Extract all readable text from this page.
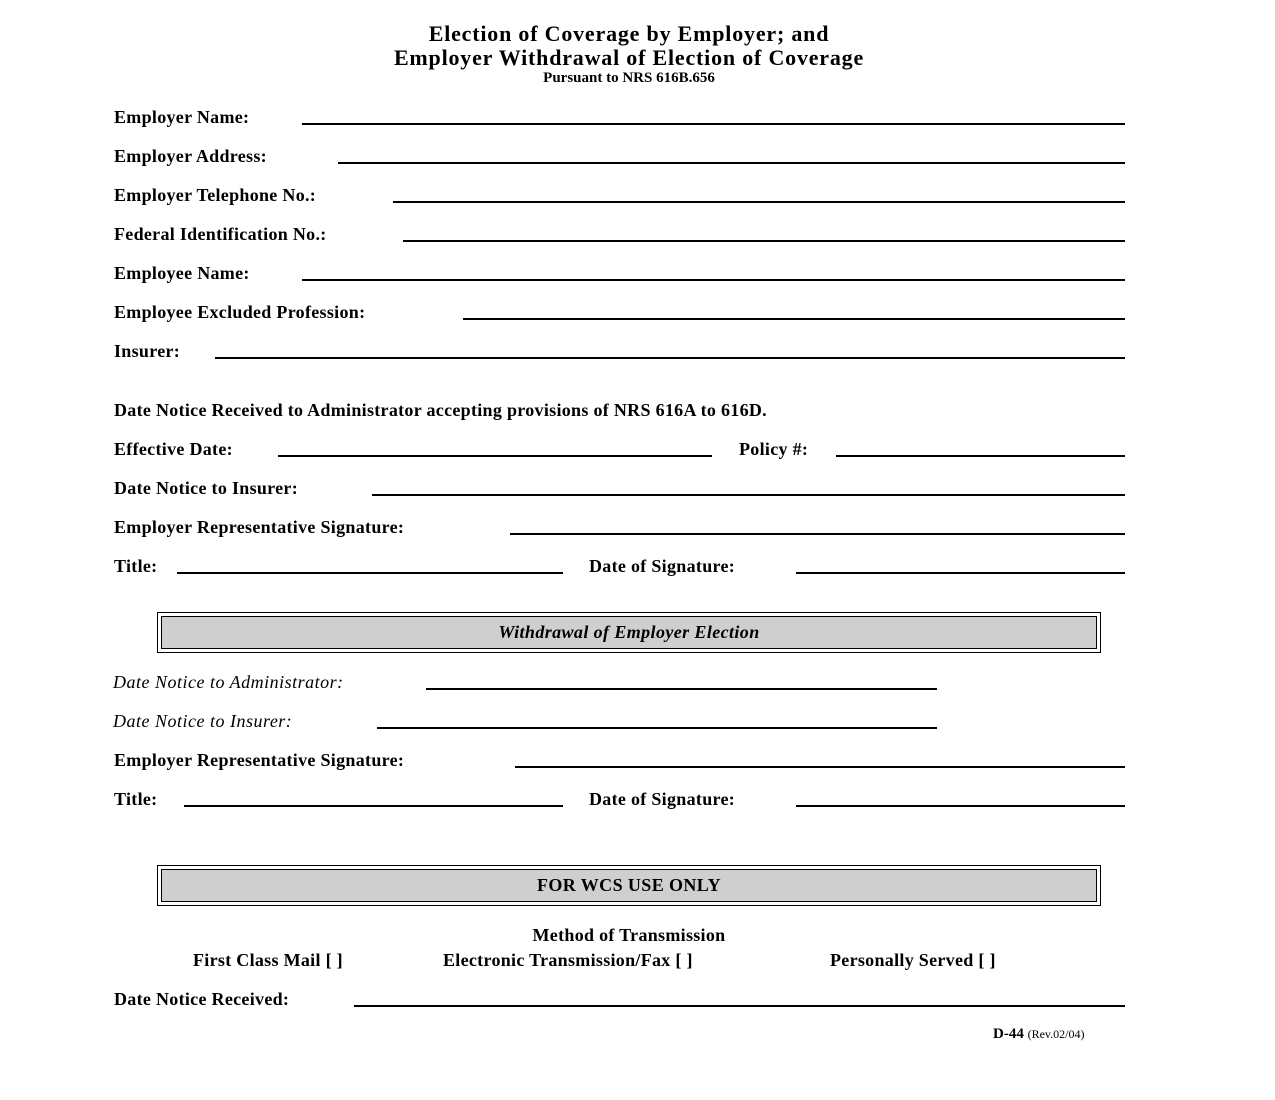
Election of Coverage by Employer; and
Employer Withdrawal of Election of Coverage
Pursuant to NRS 616B.656
Employer Name:
Employer Address:
Employer Telephone No.:
Federal Identification No.:
Employee Name:
Employee Excluded Profession:
Insurer:
Date Notice Received to Administrator accepting provisions of NRS 616A to 616D.
Effective Date:	Policy #:
Date Notice to Insurer:
Employer Representative Signature:
Title:	Date of Signature:
Withdrawal of Employer Election
Date Notice to Administrator:
Date Notice to Insurer:
Employer Representative Signature:
Title:	Date of Signature:
FOR WCS USE ONLY
Method of Transmission
First Class Mail [ ]	Electronic Transmission/Fax [ ]	Personally Served [ ]
Date Notice Received:
D-44 (Rev.02/04)
